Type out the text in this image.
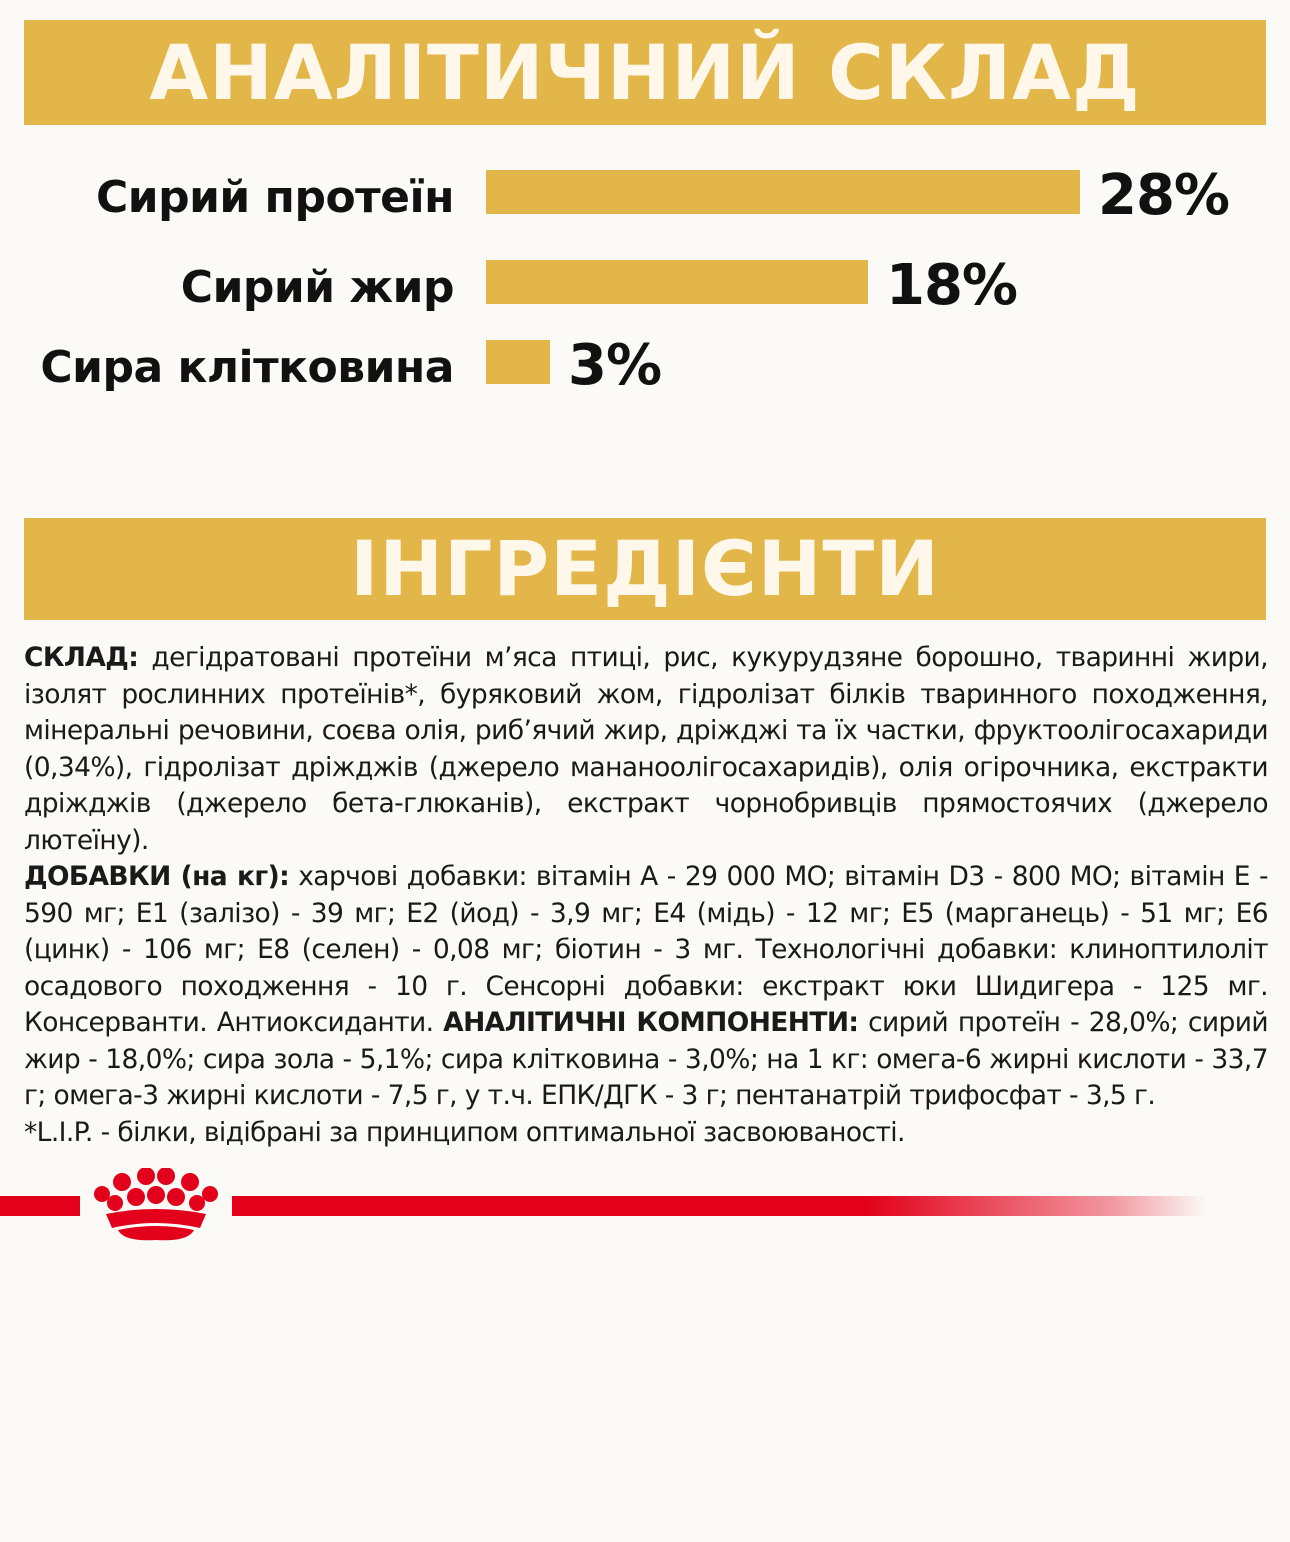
АНАЛІТИЧНИЙ СКЛАД
Сирий протеїн	28%
Сирий жир	18%
Сира клітковина 3%
ІНГРЕДІЄНТИ

СКЛАД: дегідратовані протеїни м’яса птиці, рис, кукурудзяне борошно, тваринні жири, ізолят рослинних протеїнів*, буряковий жом, гідролізат білків тваринного походження, мінеральні речовини, соєва олія, риб’ячий жир, дріжджі та їх частки, фруктоолігосахариди (0,34%), гідролізат дріжджів (джерело мананоолігосахаридів), олія огірочника, екстракти дріжджів (джерело бета-глюканів), екстракт чорнобривців прямостоячих (джерело лютеїну).

ДОБАВКИ (на кг): харчові добавки: вітамін А - 29 000 МО; вітамін D3 - 800 МО; вітамін Е - 590 мг; Е1 (залізо) - 39 мг; Е2 (йод) - 3,9 мг; Е4 (мідь) - 12 мг; Е5 (марганець) - 51 мг; Е6 (цинк) - 106 мг; Е8 (селен) - 0,08 мг; біотин - 3 мг. Технологічні добавки: клиноптилоліт осадового походження - 10 г. Сенсорні добавки: екстракт юки Шидигера - 125 мг. Консерванти. Антиоксиданти. АНАЛІТИЧНІ КОМПОНЕНТИ: сирий протеїн - 28,0%; сирий жир - 18,0%; сира зола - 5,1%; сира клітковина - 3,0%; на 1 кг: омега-6 жирні кислоти - 33,7 г; омега-3 жирні кислоти - 7,5 г, у т.ч. ЕПК/ДГК - 3 г; пентанатрій трифосфат - 3,5 г.

*L.I.P. - білки, відібрані за принципом оптимальної засвоюваності.
